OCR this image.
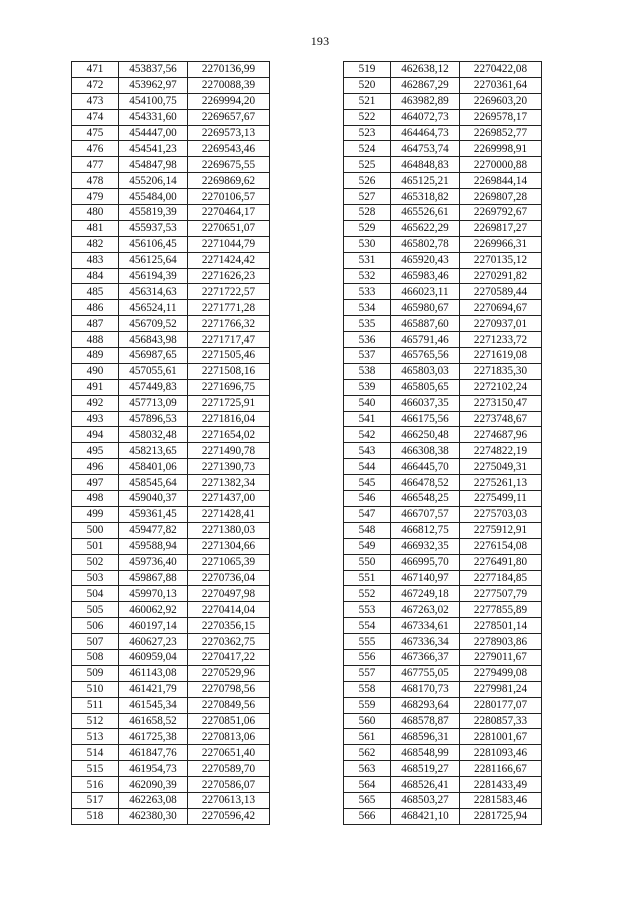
193
471	453837,56	2270136,99
472	453962,97	2270088,39
473	454100,75	2269994,20
474	454331,60	2269657,67
475	454447,00	2269573,13
476	454541,23	2269543,46
477	454847,98	2269675,55
478	455206,14	2269869,62
479	455484,00	2270106,57
480	455819,39	2270464,17
481	455937,53	2270651,07
482	456106,45	2271044,79
483	456125,64	2271424,42
484	456194,39	2271626,23
485	456314,63	2271722,57
486	456524,11	2271771,28
487	456709,52	2271766,32
488	456843,98	2271717,47
489	456987,65	2271505,46
490	457055,61	2271508,16
491	457449,83	2271696,75
492	457713,09	2271725,91
493	457896,53	2271816,04
494	458032,48	2271654,02
495	458213,65	2271490,78
496	458401,06	2271390,73
497	458545,64	2271382,34
498	459040,37	2271437,00
499	459361,45	2271428,41
500	459477,82	2271380,03
501	459588,94	2271304,66
502	459736,40	2271065,39
503	459867,88	2270736,04
504	459970,13	2270497,98
505	460062,92	2270414,04
506	460197,14	2270356,15
507	460627,23	2270362,75
508	460959,04	2270417,22
509	461143,08	2270529,96
510	461421,79	2270798,56
511	461545,34	2270849,56
512	461658,52	2270851,06
513	461725,38	2270813,06
514	461847,76	2270651,40
515	461954,73	2270589,70
516	462090,39	2270586,07
517	462263,08	2270613,13
518	462380,30	2270596,42
519	462638,12	2270422,08
520	462867,29	2270361,64
521	463982,89	2269603,20
522	464072,73	2269578,17
523	464464,73	2269852,77
524	464753,74	2269998,91
525	464848,83	2270000,88
526	465125,21	2269844,14
527	465318,82	2269807,28
528	465526,61	2269792,67
529	465622,29	2269817,27
530	465802,78	2269966,31
531	465920,43	2270135,12
532	465983,46	2270291,82
533	466023,11	2270589,44
534	465980,67	2270694,67
535	465887,60	2270937,01
536	465791,46	2271233,72
537	465765,56	2271619,08
538	465803,03	2271835,30
539	465805,65	2272102,24
540	466037,35	2273150,47
541	466175,56	2273748,67
542	466250,48	2274687,96
543	466308,38	2274822,19
544	466445,70	2275049,31
545	466478,52	2275261,13
546	466548,25	2275499,11
547	466707,57	2275703,03
548	466812,75	2275912,91
549	466932,35	2276154,08
550	466995,70	2276491,80
551	467140,97	2277184,85
552	467249,18	2277507,79
553	467263,02	2277855,89
554	467334,61	2278501,14
555	467336,34	2278903,86
556	467366,37	2279011,67
557	467755,05	2279499,08
558	468170,73	2279981,24
559	468293,64	2280177,07
560	468578,87	2280857,33
561	468596,31	2281001,67
562	468548,99	2281093,46
563	468519,27	2281166,67
564	468526,41	2281433,49
565	468503,27	2281583,46
566	468421,10	2281725,94
